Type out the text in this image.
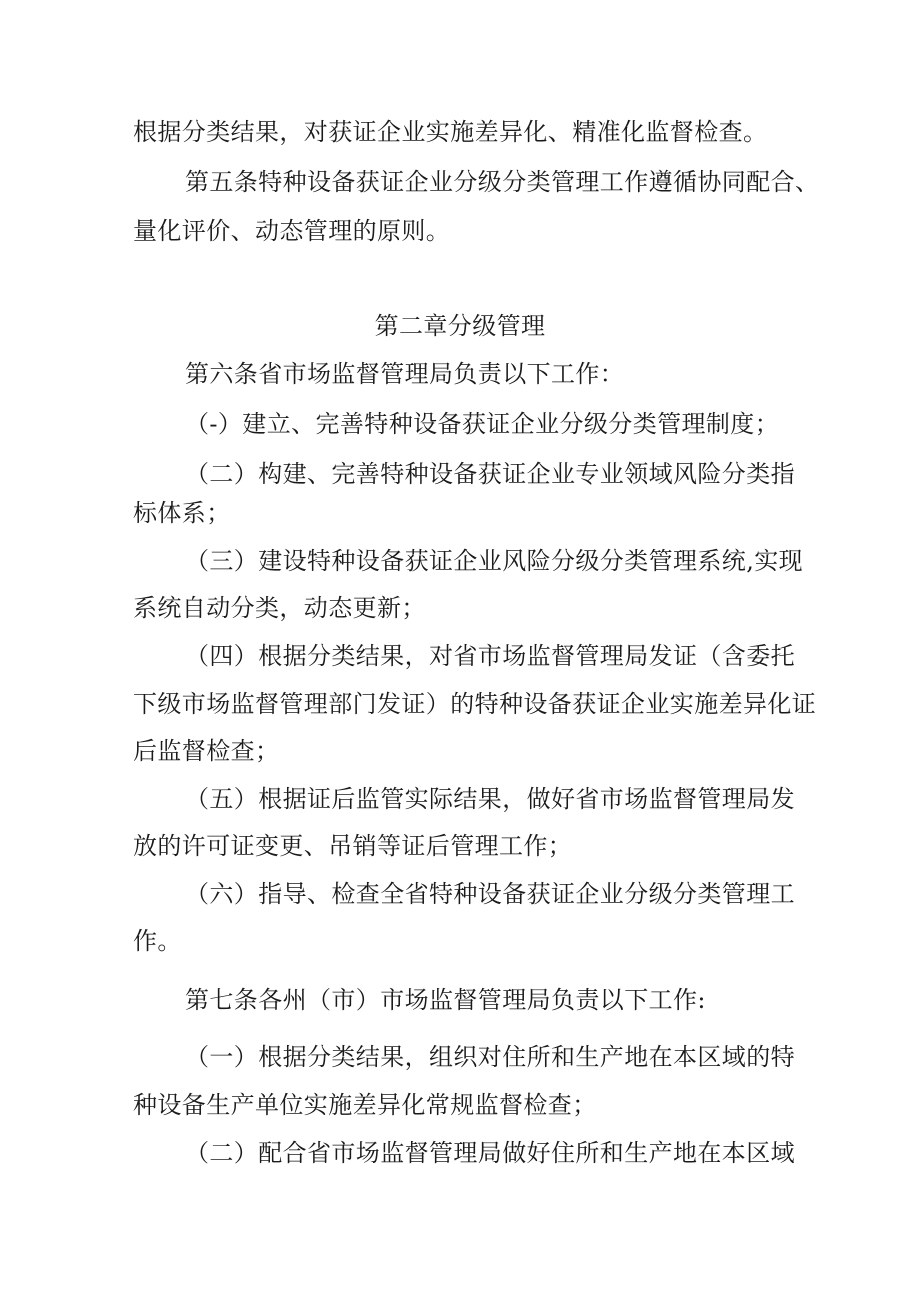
根据分类结果，对获证企业实施差异化、精准化监督检查。
第五条特种设备获证企业分级分类管理工作遵循协同配合、
量化评价、动态管理的原则。
第二章分级管理
第六条省市场监督管理局负责以下工作：
（-）建立、完善特种设备获证企业分级分类管理制度；
（二）构建、完善特种设备获证企业专业领域风险分类指
标体系；
（三）建设特种设备获证企业风险分级分类管理系统,实现
系统自动分类，动态更新；
（四）根据分类结果，对省市场监督管理局发证（含委托
下级市场监督管理部门发证）的特种设备获证企业实施差异化证
后监督检查；
（五）根据证后监管实际结果，做好省市场监督管理局发
放的许可证变更、吊销等证后管理工作；
（六）指导、检查全省特种设备获证企业分级分类管理工
作。
第七条各州（市）市场监督管理局负责以下工作:
（一）根据分类结果，组织对住所和生产地在本区域的特
种设备生产单位实施差异化常规监督检查；
（二）配合省市场监督管理局做好住所和生产地在本区域
